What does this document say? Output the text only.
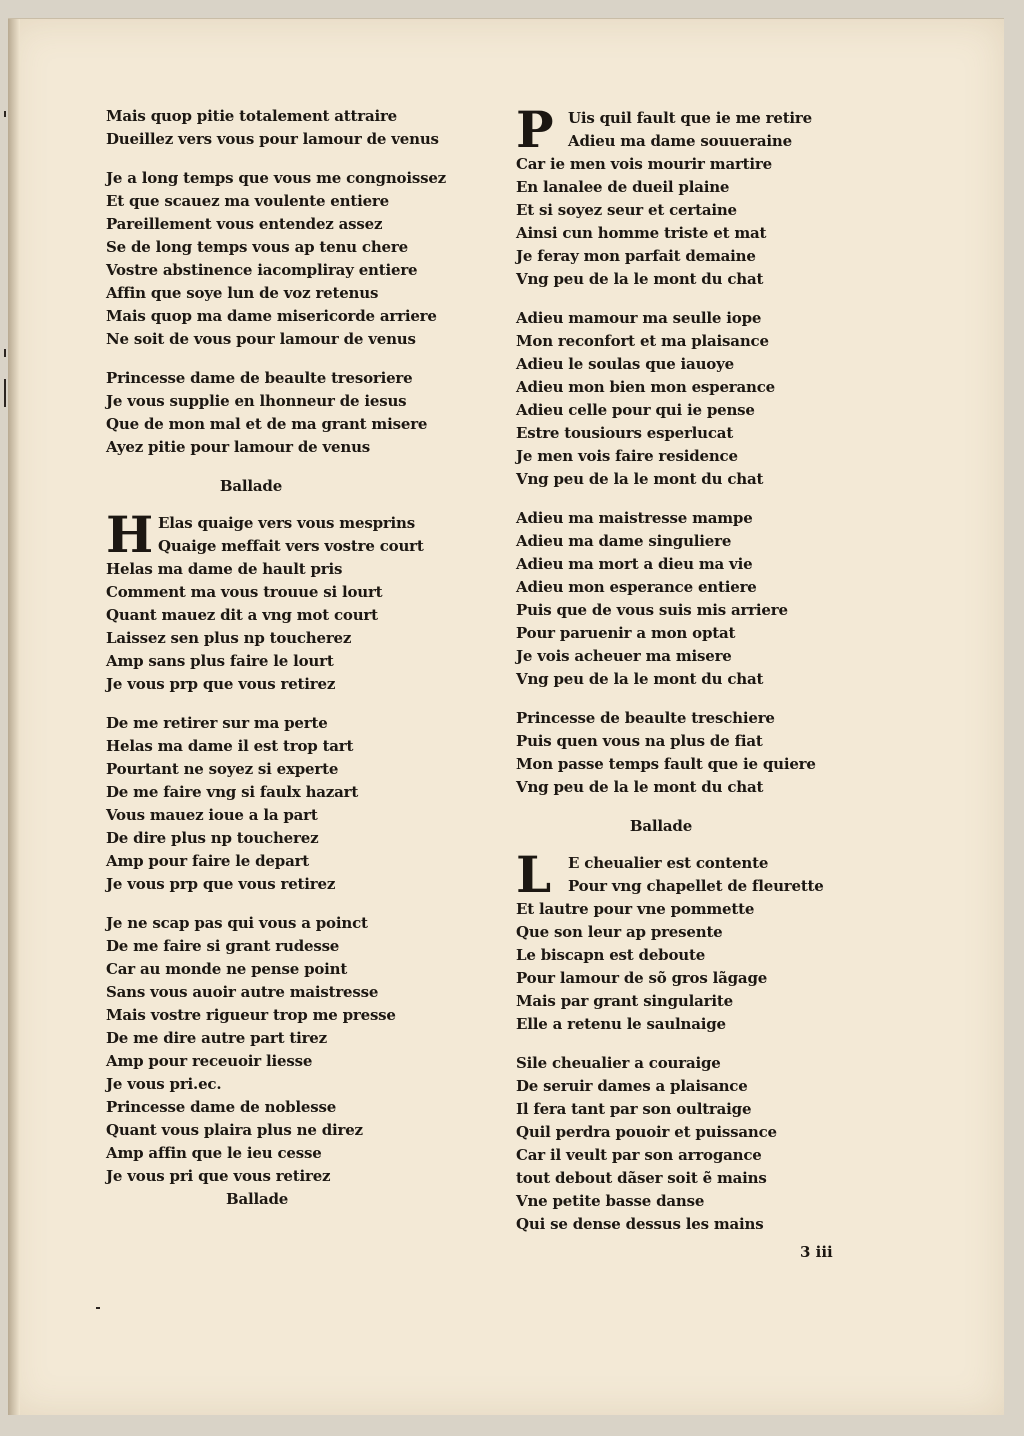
Mais quop pitie totalement attraire
Dueillez vers vous pour lamour de venus
Je a long temps que vous me congnoissez
Et que scauez ma voulente entiere
Pareillement vous entendez assez
Se de long temps vous ap tenu chere
Vostre abstinence iacompliray entiere
Affin que soye lun de voz retenus
Mais quop ma dame misericorde arriere
Ne soit de vous pour lamour de venus
Princesse dame de beaulte tresoriere
Je vous supplie en lhonneur de iesus
Que de mon mal et de ma grant misere
Ayez pitie pour lamour de venus
Ballade
H Elas quaige vers vous mesprins
Quaige meffait vers vostre court
Helas ma dame de hault pris
Comment ma vous trouue si lourt
Quant mauez dit a vng mot court
Laissez sen plus np toucherez
Amp sans plus faire le lourt
Je vous prp que vous retirez
De me retirer sur ma perte
Helas ma dame il est trop tart
Pourtant ne soyez si experte
De me faire vng si faulx hazart
Vous mauez ioue a la part
De dire plus np toucherez
Amp pour faire le depart
Je vous prp que vous retirez
Je ne scap pas qui vous a poinct
De me faire si grant rudesse
Car au monde ne pense point
Sans vous auoir autre maistresse
Mais vostre rigueur trop me presse
De me dire autre part tirez
Amp pour receuoir liesse
Je vous pri.ec.
Princesse dame de noblesse
Quant vous plaira plus ne direz
Amp affin que le ieu cesse
Je vous pri que vous retirez
Ballade
P Uis quil fault que ie me retire
Adieu ma dame souueraine
Car ie men vois mourir martire
En lanalee de dueil plaine
Et si soyez seur et certaine
Ainsi cun homme triste et mat
Je feray mon parfait demaine
Vng peu de la le mont du chat
Adieu mamour ma seulle iope
Mon reconfort et ma plaisance
Adieu le soulas que iauoye
Adieu mon bien mon esperance
Adieu celle pour qui ie pense
Estre tousiours esperlucat
Je men vois faire residence
Vng peu de la le mont du chat
Adieu ma maistresse mampe
Adieu ma dame singuliere
Adieu ma mort a dieu ma vie
Adieu mon esperance entiere
Puis que de vous suis mis arriere
Pour paruenir a mon optat
Je vois acheuer ma misere
Vng peu de la le mont du chat
Princesse de beaulte treschiere
Puis quen vous na plus de fiat
Mon passe temps fault que ie quiere
Vng peu de la le mont du chat
Ballade
L	E cheualier est contente
Pour vng chapellet de fleurette
Et lautre pour vne pommette
Que son leur ap presente
Le biscapn est deboute
Pour lamour de sõ gros lãgage
Mais par grant singularite
Elle a retenu le saulnaige
Sile cheualier a couraige
De seruir dames a plaisance
Il fera tant par son oultraige
Quil perdra pouoir et puissance
Car il veult par son arrogance
tout debout dãser soit ẽ mains
Vne petite basse danse
Qui se dense dessus les mains
3 iii
